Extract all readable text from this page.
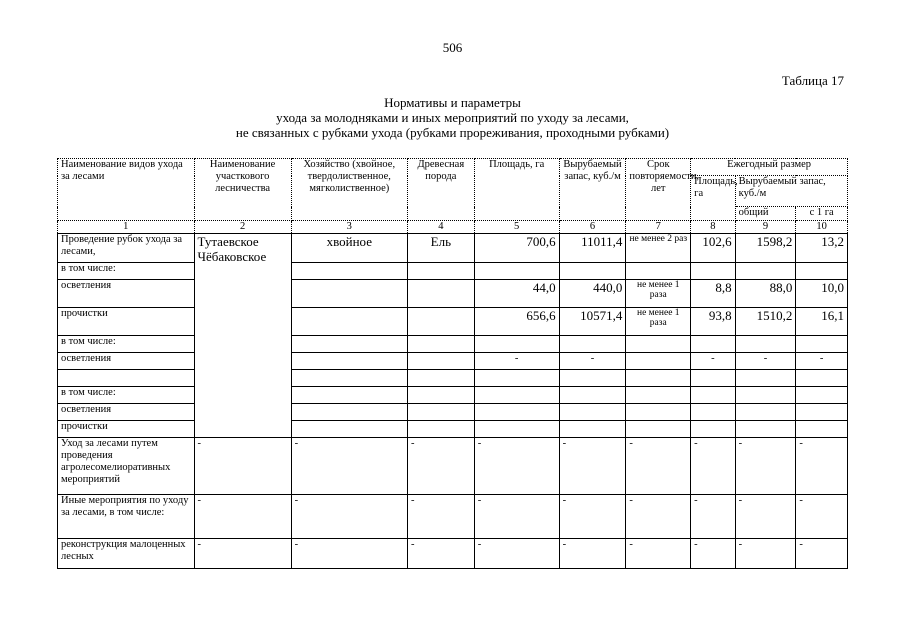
506
Таблица 17
Нормативы и параметры
ухода за молодняками и иных мероприятий по уходу за лесами,
не связанных с рубками ухода (рубками прореживания, проходными рубками)
Наименование видов ухода за лесами	Наименование участкового лесничества	Хозяйство (хвойное, твердолиственное, мягколиственное)	Древесная порода	Площадь, га	Вырубаемый запас, куб./м	Срок повторяемости, лет	Ежегодный размер		
							Площадь, га	Вырубаемый запас, куб./м	
								общий	с 1 га
1	2	3	4	5	6	7	8	9	10
Проведение рубок ухода за лесами,	Тутаевское Чёбаковское	хвойное	Ель	700,6	11011,4	не менее 2 раз	102,6	1598,2	13,2
в том числе:									
осветления				44,0	440,0	не менее 1 раза	8,8	88,0	10,0
прочистки				656,6	10571,4	не менее 1 раза	93,8	1510,2	16,1
в том числе:									
осветления				-	-		-	-	-

в том числе:									
осветления									
прочистки									
Уход за лесами путем проведения агролесомелиоративных мероприятий	-	-	-	-	-	-	-	-	-
Иные мероприятия по уходу за лесами, в том числе:	-	-	-	-	-	-	-	-	-
реконструкция малоценных лесных	-	-	-	-	-	-	-	-	-
